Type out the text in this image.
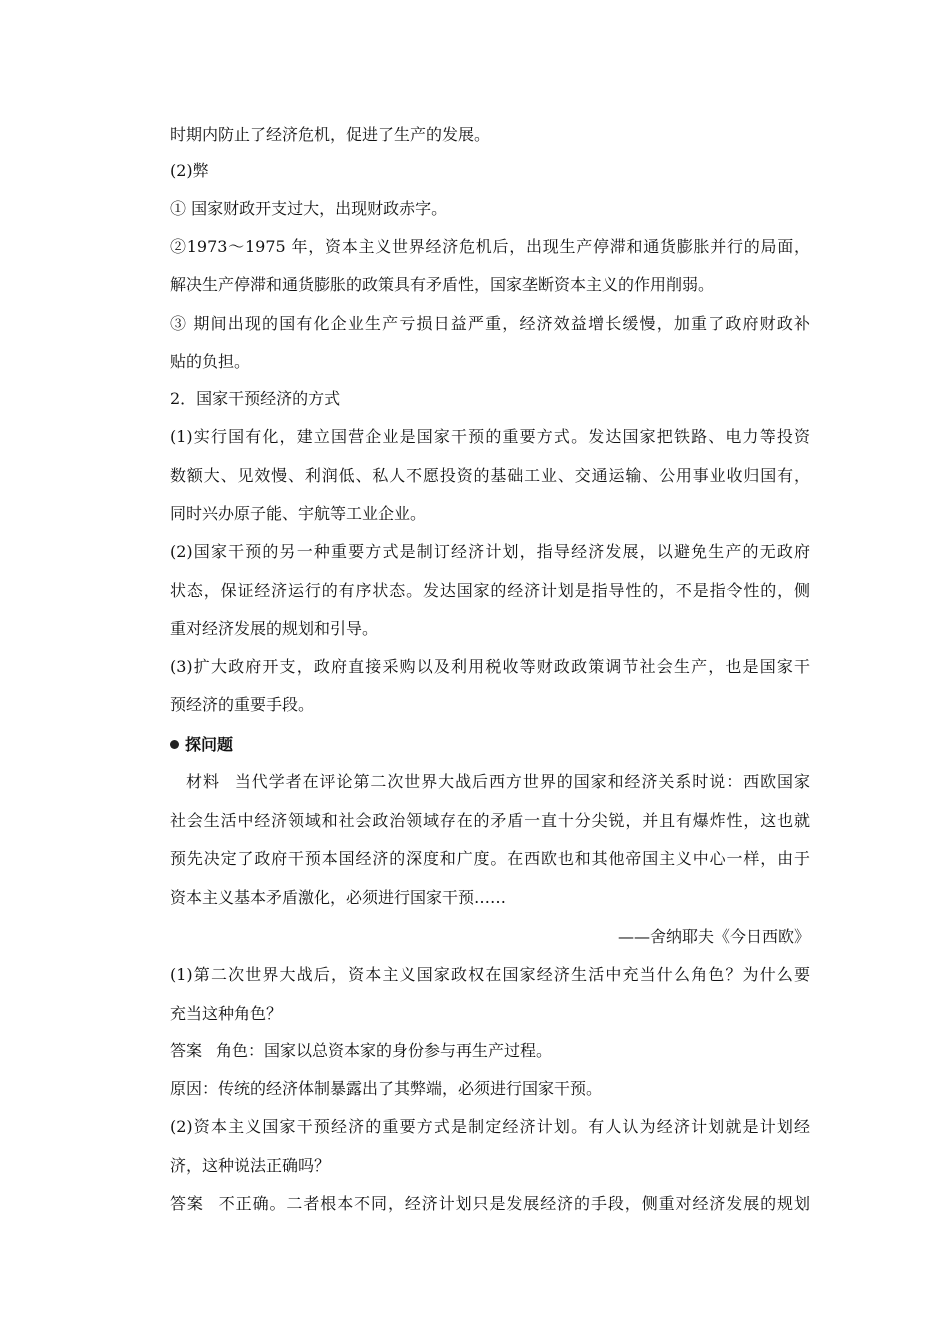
时期内防止了经济危机，促进了生产的发展。
(2)弊
① 国家财政开支过大，出现财政赤字。
②1973～1975 年，资本主义世界经济危机后，出现生产停滞和通货膨胀并行的局面，
解决生产停滞和通货膨胀的政策具有矛盾性，国家垄断资本主义的作用削弱。
③ 期间出现的国有化企业生产亏损日益严重，经济效益增长缓慢，加重了政府财政补
贴的负担。
2．国家干预经济的方式
(1)实行国有化，建立国营企业是国家干预的重要方式。发达国家把铁路、电力等投资
数额大、见效慢、利润低、私人不愿投资的基础工业、交通运输、公用事业收归国有，
同时兴办原子能、宇航等工业企业。
(2)国家干预的另一种重要方式是制订经济计划，指导经济发展，以避免生产的无政府
状态，保证经济运行的有序状态。发达国家的经济计划是指导性的，不是指令性的，侧
重对经济发展的规划和引导。
(3)扩大政府开支，政府直接采购以及利用税收等财政政策调节社会生产，也是国家干
预经济的重要手段。
探问题
材料 当代学者在评论第二次世界大战后西方世界的国家和经济关系时说：西欧国家
社会生活中经济领域和社会政治领域存在的矛盾一直十分尖锐，并且有爆炸性，这也就
预先决定了政府干预本国经济的深度和广度。在西欧也和其他帝国主义中心一样，由于
资本主义基本矛盾激化，必须进行国家干预……
——舍纳耶夫《今日西欧》
(1)第二次世界大战后，资本主义国家政权在国家经济生活中充当什么角色？为什么要
充当这种角色？
答案 角色：国家以总资本家的身份参与再生产过程。
原因：传统的经济体制暴露出了其弊端，必须进行国家干预。
(2)资本主义国家干预经济的重要方式是制定经济计划。有人认为经济计划就是计划经
济，这种说法正确吗？
答案 不正确。二者根本不同，经济计划只是发展经济的手段，侧重对经济发展的规划
